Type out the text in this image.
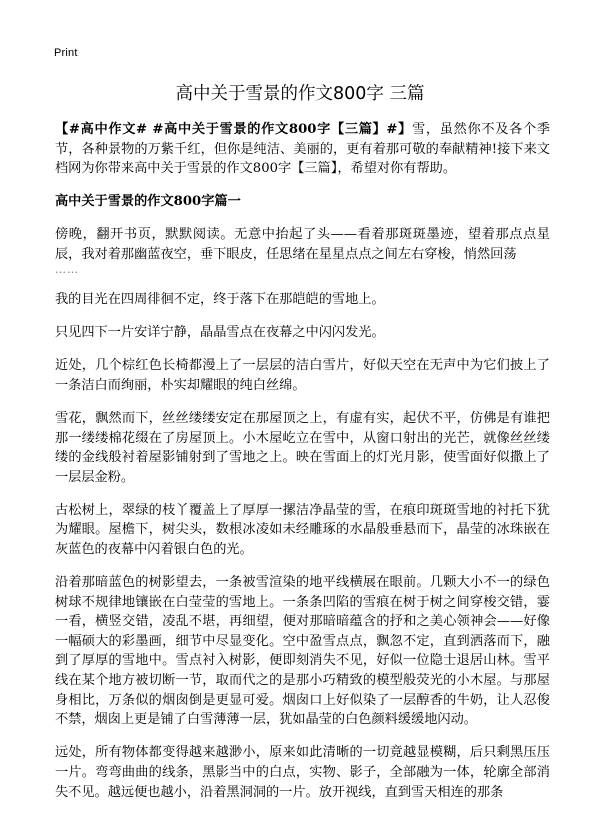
Print
高中关于雪景的作文800字 三篇

【#高中作文# #高中关于雪景的作文800字【三篇】#】雪，虽然你不及各个季节，各种景物的万紫千红，但你是纯洁、美丽的，更有着那可敬的奉献精神!接下来文档网为你带来高中关于雪景的作文800字【三篇】，希望对你有帮助。

高中关于雪景的作文800字篇一

傍晚，翻开书页，默默阅读。无意中抬起了头——看着那斑斑墨迹，望着那点点星辰，我对着那幽蓝夜空，垂下眼皮，任思绪在星星点点之间左右穿梭，悄然回荡
……

我的目光在四周徘徊不定，终于落下在那皑皑的雪地上。

只见四下一片安详宁静，晶晶雪点在夜幕之中闪闪发光。

近处，几个棕红色长椅都漫上了一层层的洁白雪片，好似天空在无声中为它们披上了一条洁白而绚丽，朴实却耀眼的纯白丝绵。

雪花，飘然而下，丝丝缕缕安定在那屋顶之上，有虚有实，起伏不平，仿佛是有谁把那一缕缕棉花缀在了房屋顶上。小木屋屹立在雪中，从窗口射出的光芒，就像丝丝缕缕的金线般衬着屋影铺射到了雪地之上。映在雪面上的灯光月影，使雪面好似撒上了一层层金粉。

古松树上，翠绿的枝丫覆盖上了厚厚一摞洁净晶莹的雪，在痕印斑斑雪地的衬托下犹为耀眼。屋檐下，树尖头，数根冰凌如未经雕琢的水晶般垂悬而下，晶莹的冰珠嵌在灰蓝色的夜幕中闪着银白色的光。

沿着那暗蓝色的树影望去，一条被雪渲染的地平线横展在眼前。几颗大小不一的绿色树球不规律地镶嵌在白莹莹的雪地上。一条条凹陷的雪痕在树于树之间穿梭交错，霎一看，横竖交错，凌乱不堪，再细望，便对那暗暗蕴含的抒和之美心领神会——好像一幅硕大的彩墨画，细节中尽显变化。空中盈雪点点，飘忽不定，直到洒落而下，融到了厚厚的雪地中。雪点衬入树影，便即刻消失不见，好似一位隐士退居山林。雪平线在某个地方被切断一节，取而代之的是那小巧精致的模型般荧光的小木屋。与那屋身相比，万条似的烟囱倒是更显可爱。烟囱口上好似染了一层醇香的牛奶，让人忍俊不禁，烟囱上更是铺了白雪薄薄一层，犹如晶莹的白色颜料缓缓地闪动。

远处，所有物体都变得越来越渺小，原来如此清晰的一切竟越显模糊，后只剩黑压压一片。弯弯曲曲的线条，黑影当中的白点，实物、影子，全部融为一体，轮廓全部消失不见。越远便也越小，沿着黑洞洞的一片。放开视线，直到雪天相连的那条
